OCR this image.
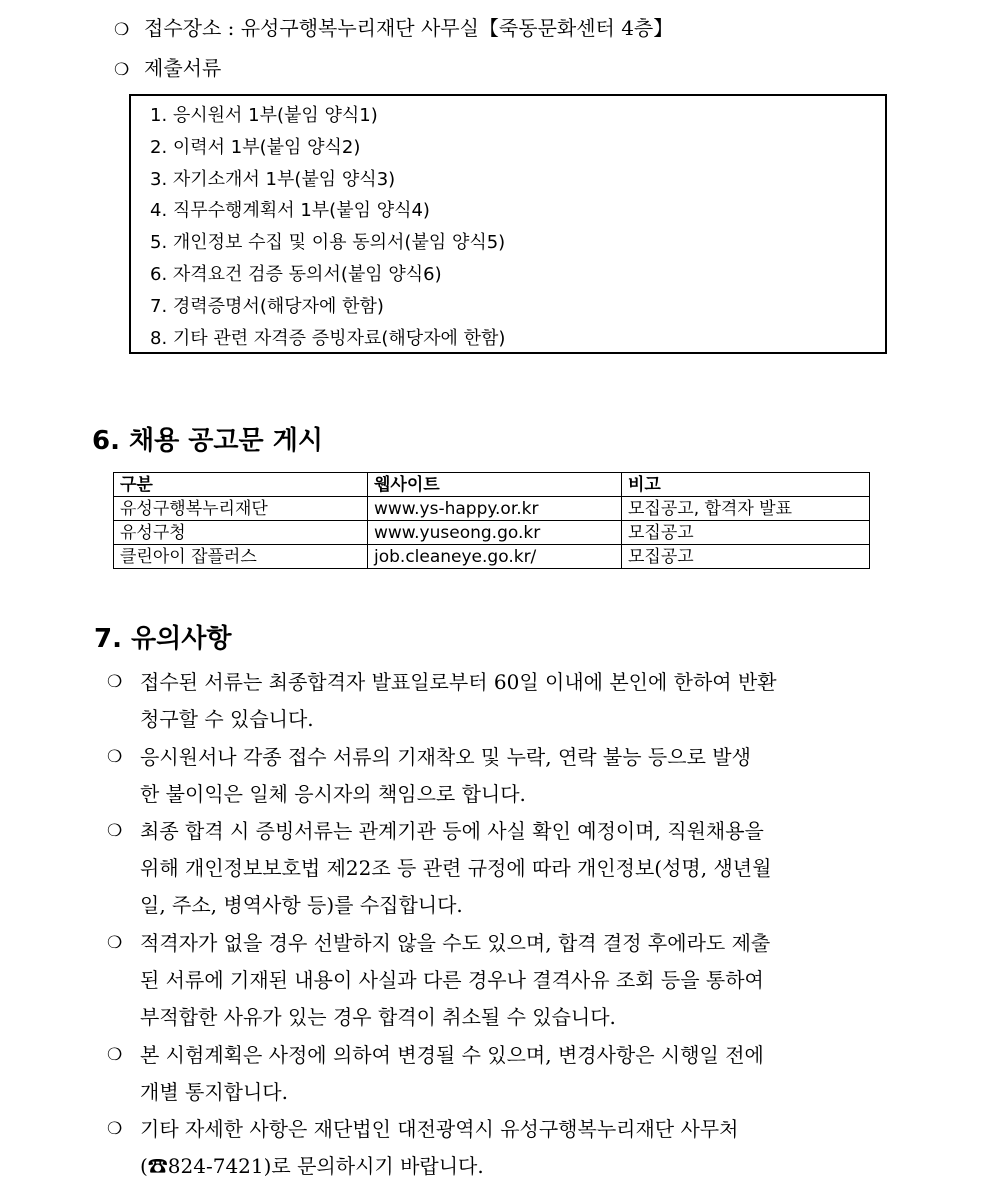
❍ 접수장소 : 유성구행복누리재단 사무실【죽동문화센터 4층】
❍ 제출서류
1. 응시원서 1부(붙임 양식1)
2. 이력서 1부(붙임 양식2)
3. 자기소개서 1부(붙임 양식3)
4. 직무수행계획서 1부(붙임 양식4)
5. 개인정보 수집 및 이용 동의서(붙임 양식5)
6. 자격요건 검증 동의서(붙임 양식6)
7. 경력증명서(해당자에 한함)
8. 기타 관련 자격증 증빙자료(해당자에 한함)
6. 채용 공고문 게시
구분	웹사이트	비고
유성구행복누리재단	www.ys-happy.or.kr	모집공고, 합격자 발표
유성구청	www.yuseong.go.kr	모집공고
클린아이 잡플러스	job.cleaneye.go.kr/	모집공고
7. 유의사항
❍ 접수된 서류는 최종합격자 발표일로부터 60일 이내에 본인에 한하여 반환
청구할 수 있습니다.
❍ 응시원서나 각종 접수 서류의 기재착오 및 누락, 연락 불능 등으로 발생
한 불이익은 일체 응시자의 책임으로 합니다.
❍ 최종 합격 시 증빙서류는 관계기관 등에 사실 확인 예정이며, 직원채용을
위해 개인정보보호법 제22조 등 관련 규정에 따라 개인정보(성명, 생년월
일, 주소, 병역사항 등)를 수집합니다.
❍ 적격자가 없을 경우 선발하지 않을 수도 있으며, 합격 결정 후에라도 제출
된 서류에 기재된 내용이 사실과 다른 경우나 결격사유 조회 등을 통하여
부적합한 사유가 있는 경우 합격이 취소될 수 있습니다.
❍ 본 시험계획은 사정에 의하여 변경될 수 있으며, 변경사항은 시행일 전에
개별 통지합니다.
❍ 기타 자세한 사항은 재단법인 대전광역시 유성구행복누리재단 사무처
(☎824-7421)로 문의하시기 바랍니다.
